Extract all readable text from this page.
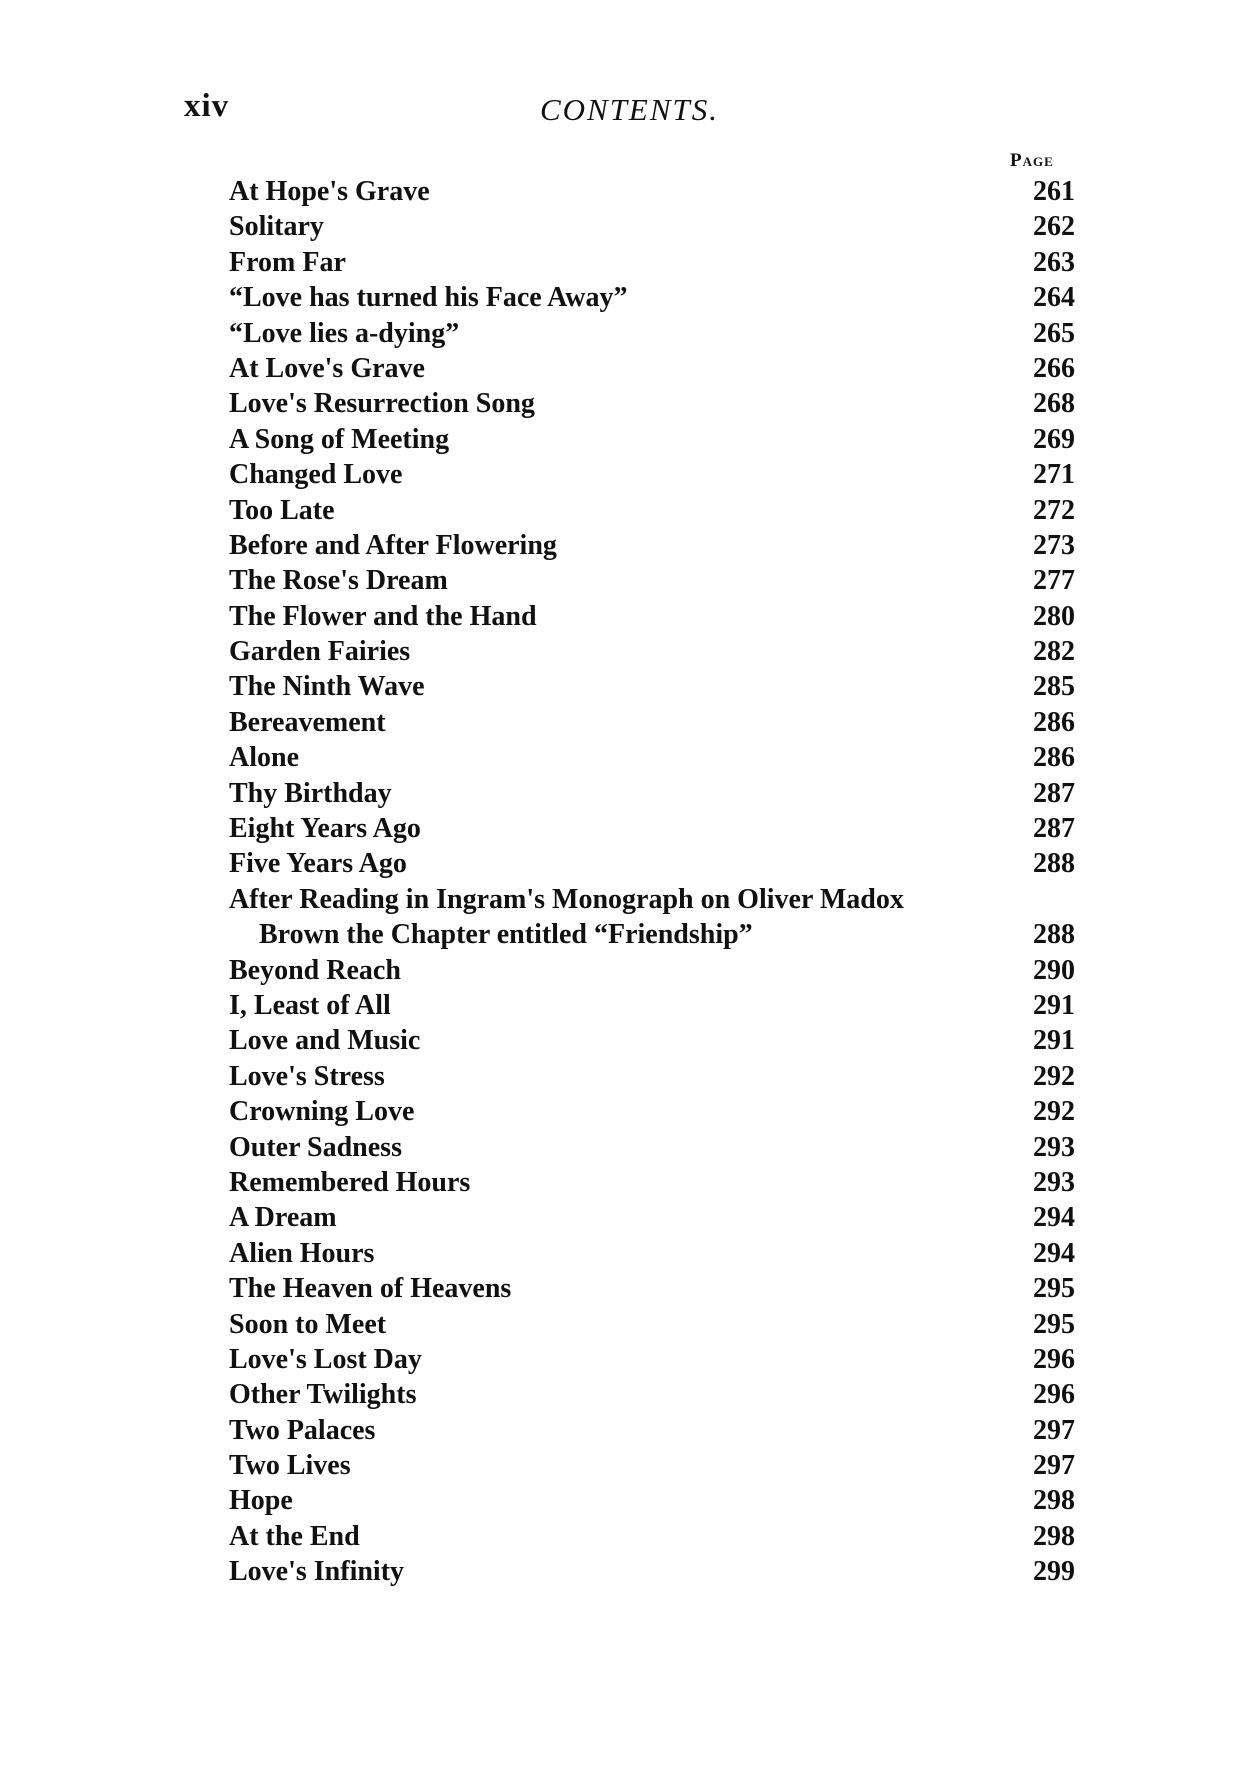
xiv	CONTENTS.
Page
At Hope's Grave	261
Solitary	262
From Far	263
“Love has turned his Face Away”	264
“Love lies a-dying”	265
At Love's Grave	266
Love's Resurrection Song	268
A Song of Meeting	269
Changed Love	271
Too Late	272
Before and After Flowering	273
The Rose's Dream	277
The Flower and the Hand	280
Garden Fairies	282
The Ninth Wave	285
Bereavement	286
Alone	286
Thy Birthday	287
Eight Years Ago	287
Five Years Ago	288
After Reading in Ingram's Monograph on Oliver Madox
Brown the Chapter entitled “Friendship”	288
Beyond Reach	290
I, Least of All	291
Love and Music	291
Love's Stress	292
Crowning Love	292
Outer Sadness	293
Remembered Hours	293
A Dream	294
Alien Hours	294
The Heaven of Heavens	295
Soon to Meet	295
Love's Lost Day	296
Other Twilights	296
Two Palaces	297
Two Lives	297
Hope	298
At the End	298
Love's Infinity	299
